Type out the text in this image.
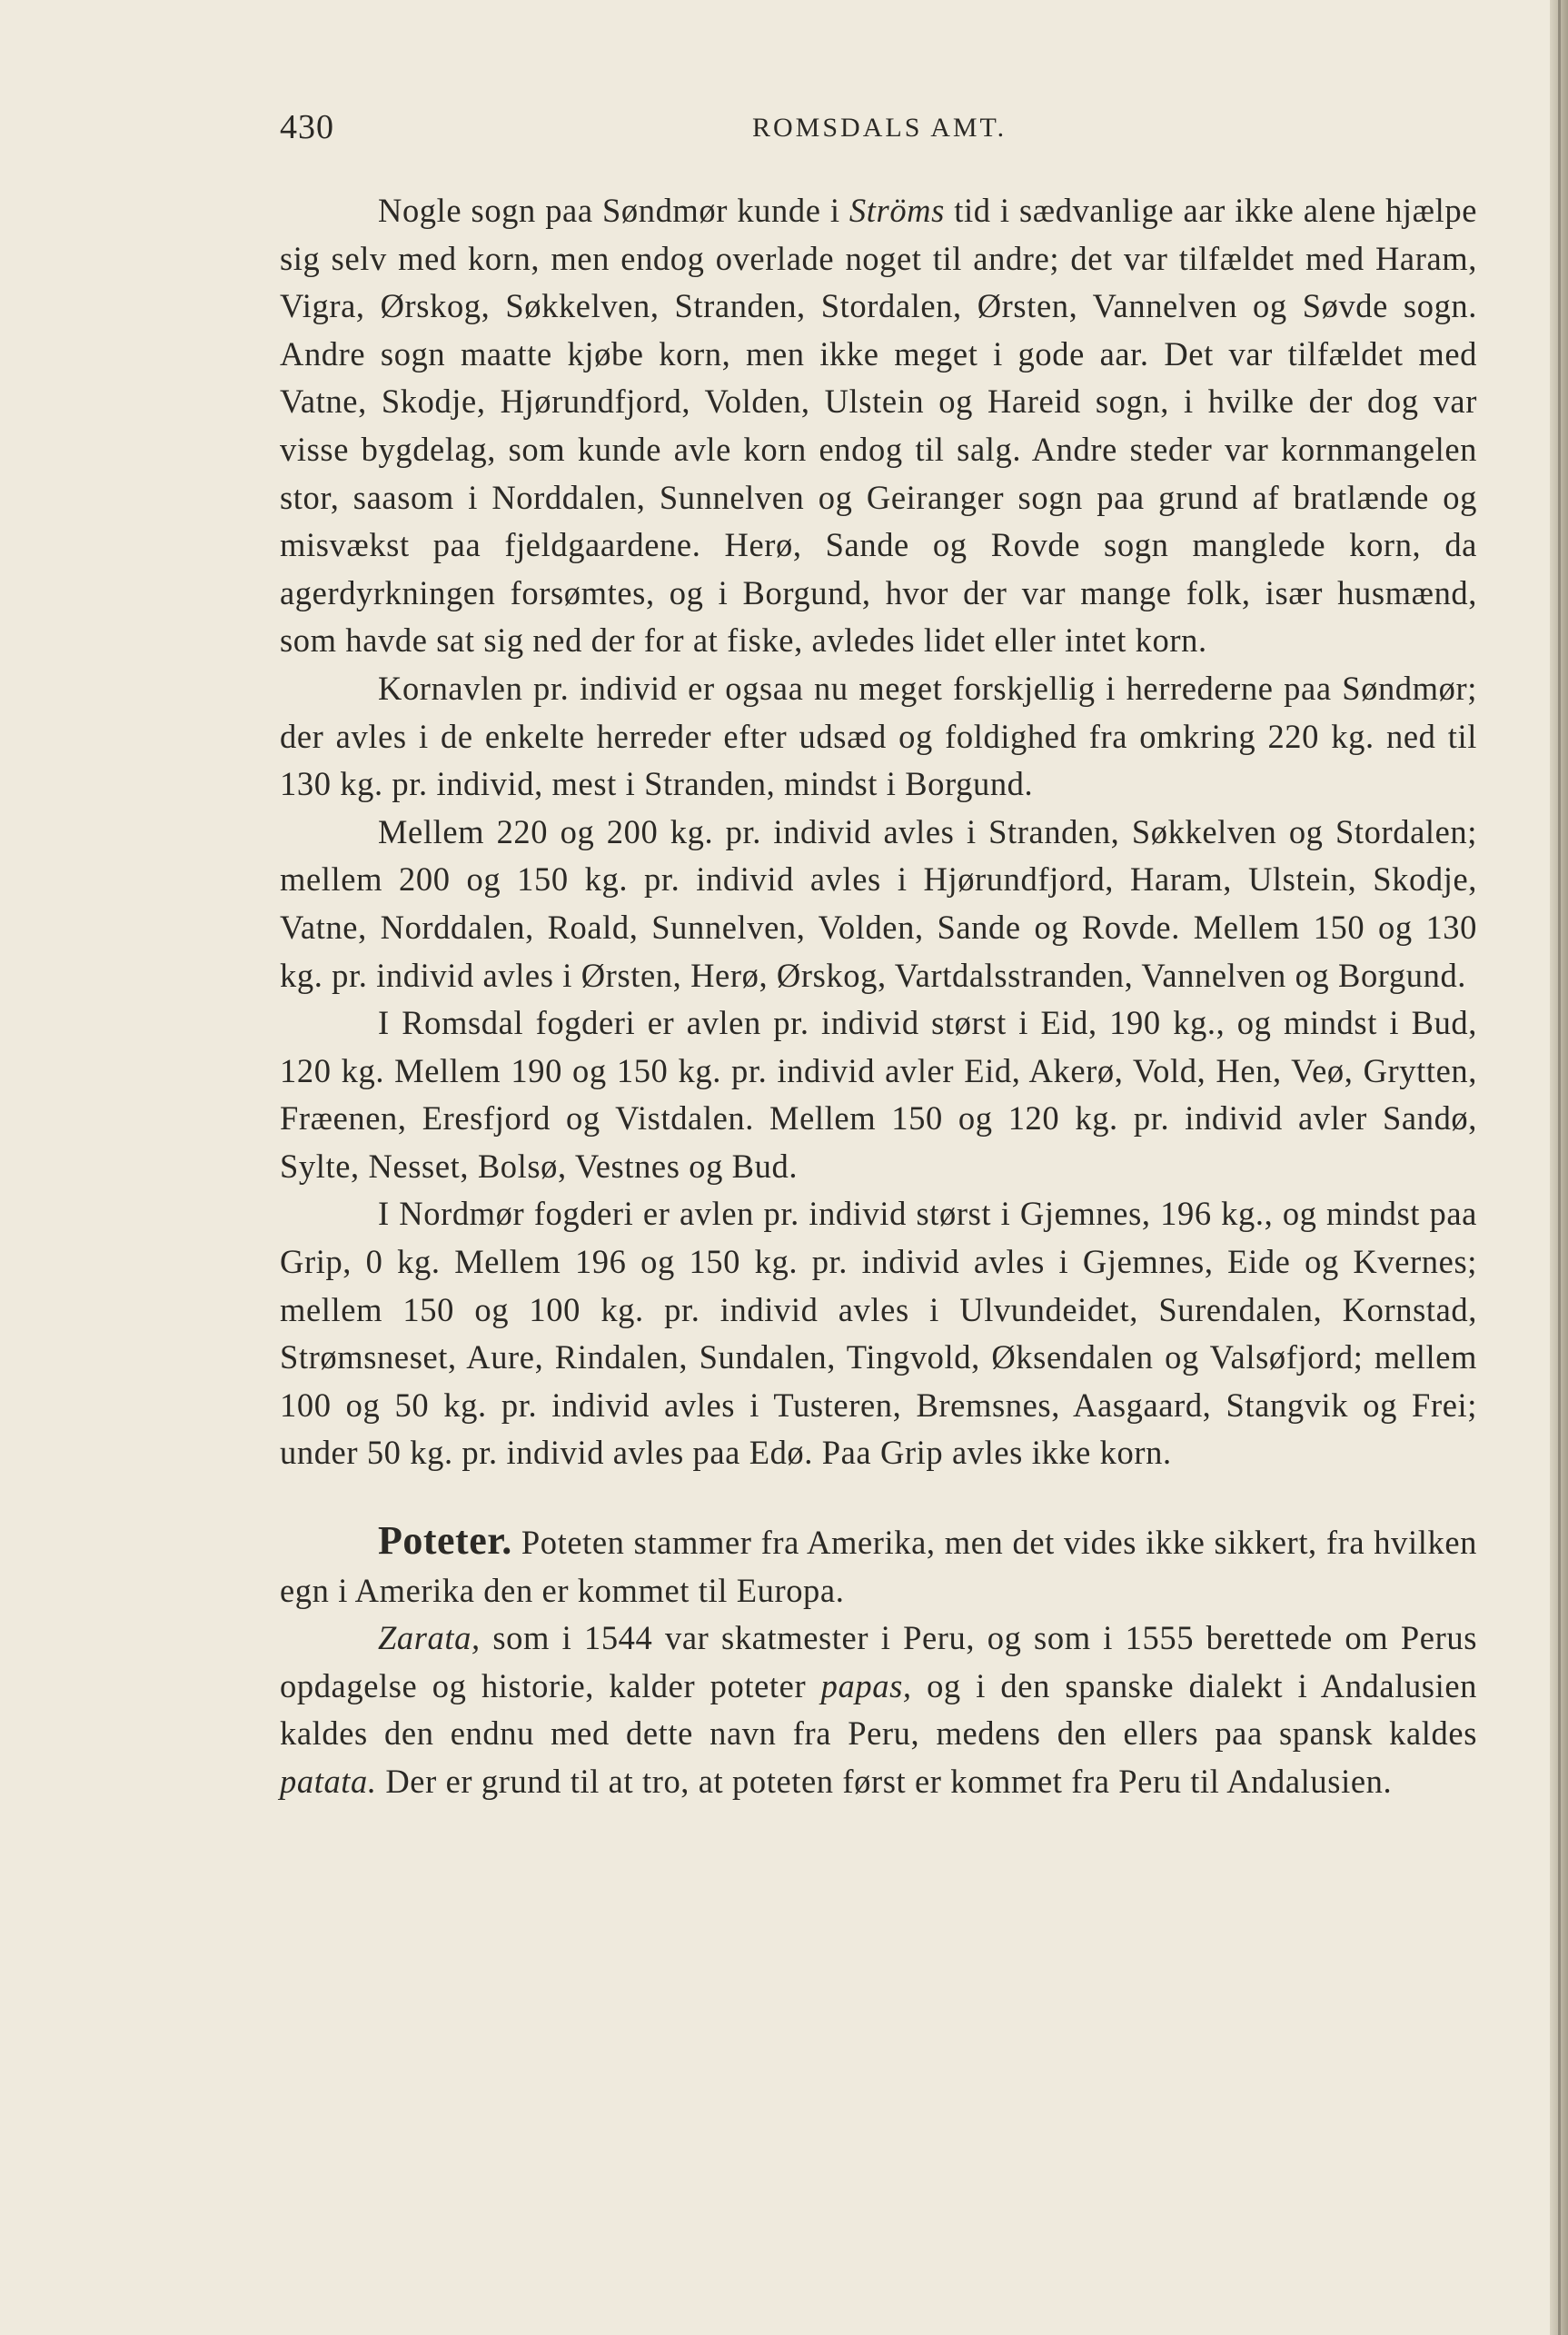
430	ROMSDALS AMT.

Nogle sogn paa Søndmør kunde i Ströms tid i sædvanlige aar ikke alene hjælpe sig selv med korn, men endog overlade noget til andre; det var tilfældet med Haram, Vigra, Ørskog, Søkkelven, Stranden, Stordalen, Ørsten, Vannelven og Søvde sogn. Andre sogn maatte kjøbe korn, men ikke meget i gode aar. Det var tilfældet med Vatne, Skodje, Hjørundfjord, Volden, Ulstein og Hareid sogn, i hvilke der dog var visse bygdelag, som kunde avle korn endog til salg. Andre steder var kornmangelen stor, saasom i Norddalen, Sunnelven og Geiranger sogn paa grund af bratlænde og misvækst paa fjeldgaardene. Herø, Sande og Rovde sogn manglede korn, da agerdyrkningen forsømtes, og i Borgund, hvor der var mange folk, især husmænd, som havde sat sig ned der for at fiske, avledes lidet eller intet korn.

Kornavlen pr. individ er ogsaa nu meget forskjellig i herrederne paa Søndmør; der avles i de enkelte herreder efter udsæd og foldighed fra omkring 220 kg. ned til 130 kg. pr. individ, mest i Stranden, mindst i Borgund.

Mellem 220 og 200 kg. pr. individ avles i Stranden, Søkkelven og Stordalen; mellem 200 og 150 kg. pr. individ avles i Hjørundfjord, Haram, Ulstein, Skodje, Vatne, Norddalen, Roald, Sunnelven, Volden, Sande og Rovde. Mellem 150 og 130 kg. pr. individ avles i Ørsten, Herø, Ørskog, Vartdalsstranden, Vannelven og Borgund.

I Romsdal fogderi er avlen pr. individ størst i Eid, 190 kg., og mindst i Bud, 120 kg. Mellem 190 og 150 kg. pr. individ avler Eid, Akerø, Vold, Hen, Veø, Grytten, Fræenen, Eresfjord og Vistdalen. Mellem 150 og 120 kg. pr. individ avler Sandø, Sylte, Nesset, Bolsø, Vestnes og Bud.

I Nordmør fogderi er avlen pr. individ størst i Gjemnes, 196 kg., og mindst paa Grip, 0 kg. Mellem 196 og 150 kg. pr. individ avles i Gjemnes, Eide og Kvernes; mellem 150 og 100 kg. pr. individ avles i Ulvundeidet, Surendalen, Kornstad, Strømsneset, Aure, Rindalen, Sundalen, Tingvold, Øksendalen og Valsøfjord; mellem 100 og 50 kg. pr. individ avles i Tusteren, Bremsnes, Aasgaard, Stangvik og Frei; under 50 kg. pr. individ avles paa Edø. Paa Grip avles ikke korn.

Poteter. Poteten stammer fra Amerika, men det vides ikke sikkert, fra hvilken egn i Amerika den er kommet til Europa.

Zarata, som i 1544 var skatmester i Peru, og som i 1555 berettede om Perus opdagelse og historie, kalder poteter papas, og i den spanske dialekt i Andalusien kaldes den endnu med dette navn fra Peru, medens den ellers paa spansk kaldes patata. Der er grund til at tro, at poteten først er kommet fra Peru til Andalusien.
